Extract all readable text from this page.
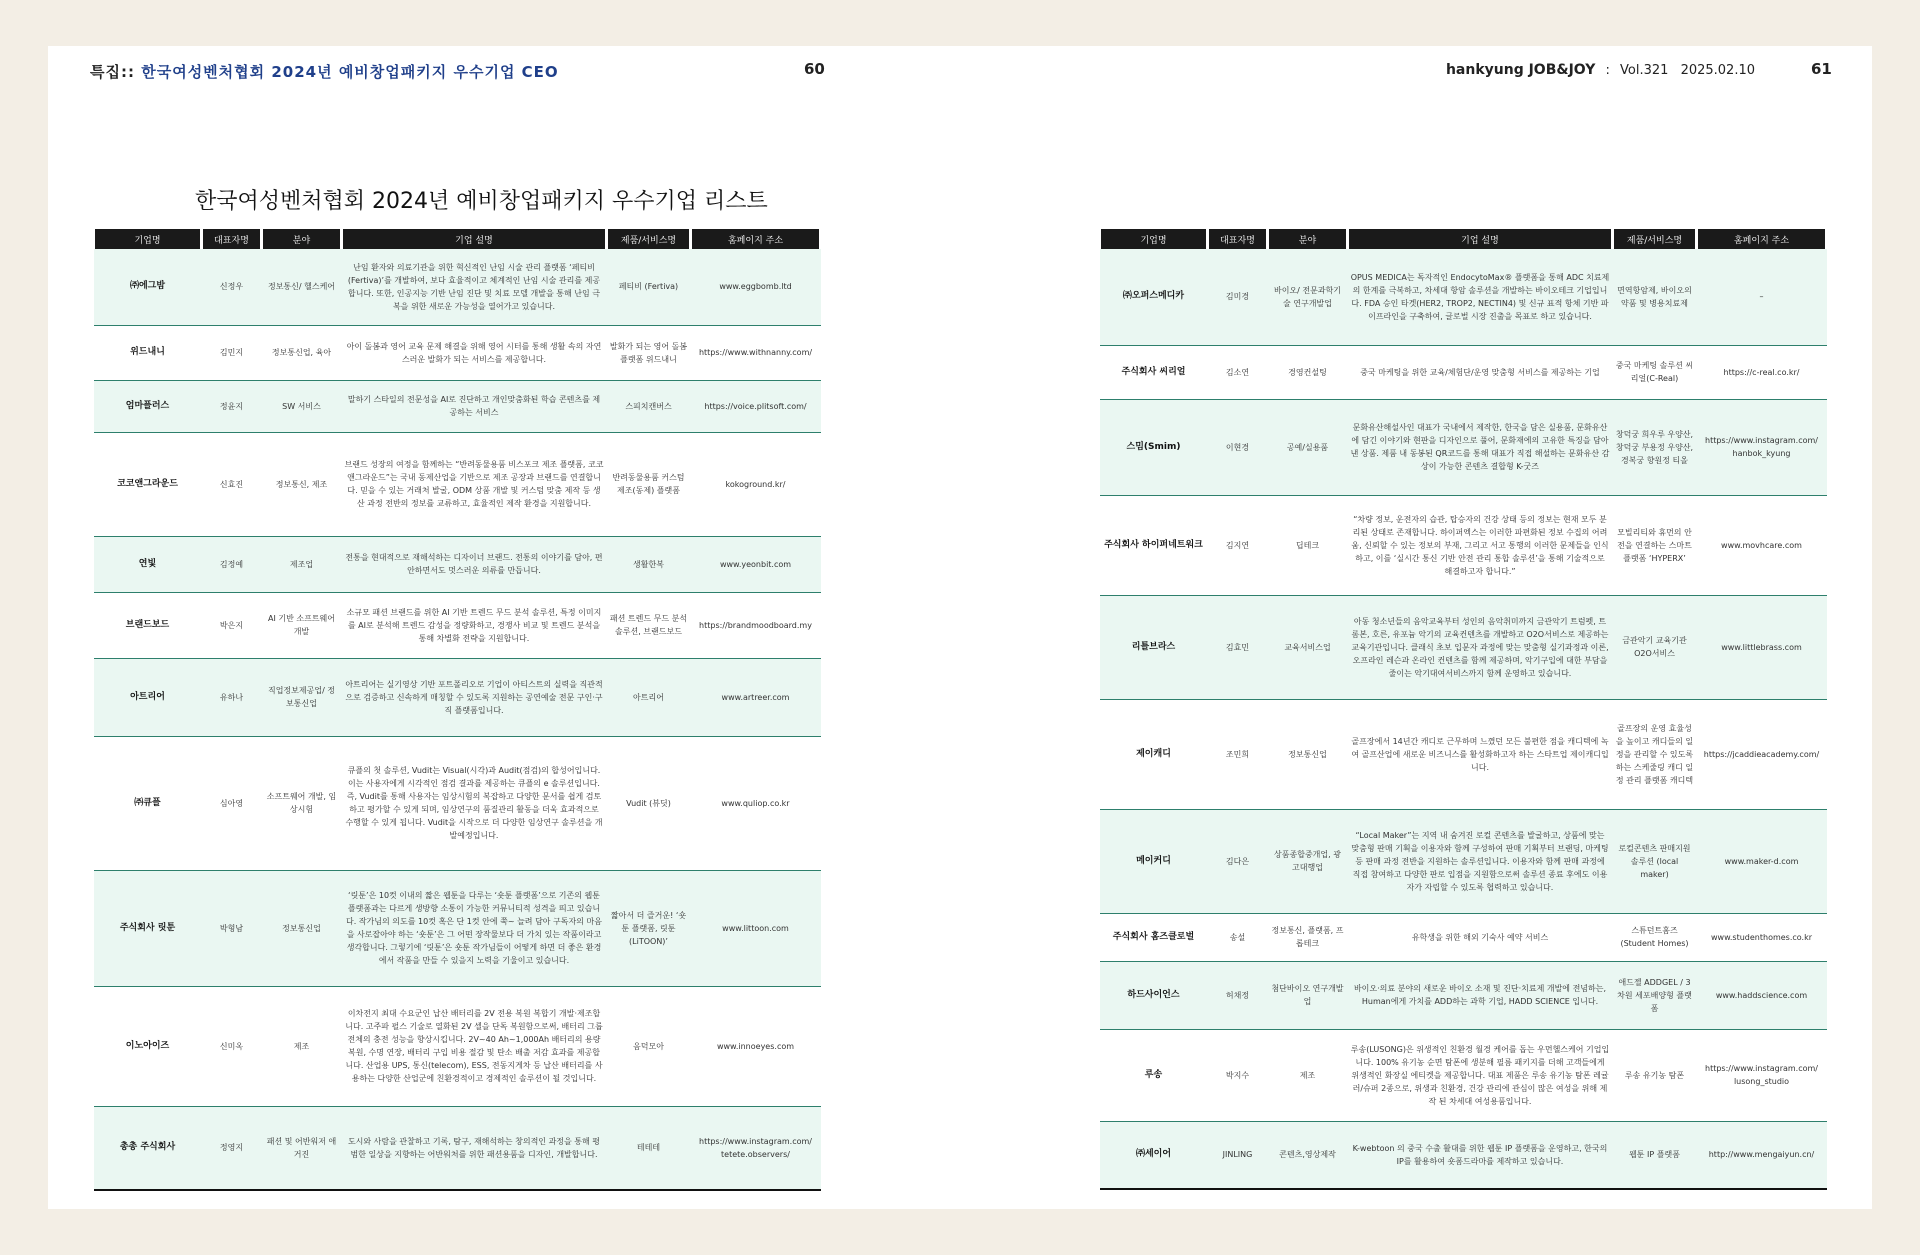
특집:: 한국여성벤처협회 2024년 예비창업패키지 우수기업 CEO	60	hankyung JOB&JOY : Vol.321 2025.02.10	61
한국여성벤처협회 2024년 예비창업패키지 우수기업 리스트
기업명	대표자명	분야	기업 설명	제품/서비스명	홈페이지 주소
㈜에그밤	신정우	정보통신/ 헬스케어	난임 환자와 의료기관을 위한 혁신적인 난임 시술 관리 플랫폼 ‘페티비(Fertiva)’를 개발하여, 보다 효율적이고 체계적인 난임 시술 관리를 제공합니다. 또한, 인공지능 기반 난임 진단 및 치료 모델 개발을 통해 난임 극복을 위한 새로운 가능성을 열어가고 있습니다.	페티비 (Fertiva)	www.eggbomb.ltd
위드내니	김민지	정보통신업, 육아	아이 돌봄과 영어 교육 문제 해결을 위해 영어 시터를 통해 생활 속의 자연스러운 발화가 되는 서비스를 제공합니다.	발화가 되는 영어 돌봄 플랫폼 위드내니	https://www.withnanny.com/
엄마플러스	정윤지	SW 서비스	말하기 스타일의 전문성을 AI로 진단하고 개인맞춤화된 학습 콘텐츠를 제공하는 서비스	스피치캔버스	https://voice.plitsoft.com/
코코앤그라운드	신효진	정보통신, 제조	브랜드 성장의 여정을 함께하는 “반려동물용품 비스포크 제조 플랫폼, 코코앤그라운드”는 국내 동제산업을 기반으로 제조 공장과 브랜드를 연결합니다. 믿을 수 있는 거래처 발굴, ODM 상품 개발 및 커스텀 맞춤 제작 등 생산 과정 전반의 정보를 교류하고, 효율적인 제작 환경을 지원합니다.	반려동물용품 커스텀 제조(동제) 플랫폼	kokoground.kr/
연빛	김정예	제조업	전통을 현대적으로 재해석하는 디자이너 브랜드. 전통의 이야기를 담아, 편안하면서도 멋스러운 의류를 만듭니다.	생활한복	www.yeonbit.com
브랜드보드	박은지	AI 기반 소프트웨어 개발	소규모 패션 브랜드를 위한 AI 기반 트렌드 무드 분석 솔루션, 특정 이미지를 AI로 분석해 트렌드 감성을 정량화하고, 경쟁사 비교 및 트렌드 분석을 통해 차별화 전략을 지원합니다.	패션 트렌드 무드 분석 솔루션, 브랜드보드	https://brandmoodboard.my
아트리어	유하나	직업정보제공업/ 정보통신업	아트리어는 실기영상 기반 포트폴리오로 기업이 아티스트의 실력을 직관적으로 검증하고 신속하게 매칭할 수 있도록 지원하는 공연예술 전문 구인·구직 플랫폼입니다.	아트리어	www.artreer.com
㈜큐플	심아영	소프트웨어 개발, 임상시험	큐플의 첫 솔루션, Vudit는 Visual(시각)과 Audit(점검)의 합성어입니다. 이는 사용자에게 시각적인 점검 결과를 제공하는 큐플의 e 솔루션입니다. 즉, Vudit를 통해 사용자는 임상시험의 복잡하고 다양한 문서를 쉽게 검토하고 평가할 수 있게 되며, 임상연구의 품질관리 활동을 더욱 효과적으로 수행할 수 있게 됩니다. Vudit을 시작으로 더 다양한 임상연구 솔루션을 개발예정입니다.	Vudit (뷰딧)	www.quliop.co.kr
주식회사 릿툰	박형남	정보통신업	‘릿툰’은 10컷 이내의 짧은 웹툰을 다루는 ‘숏툰 플랫폼’으로 기존의 웹툰 플랫폼과는 다르게 생방향 소통이 가능한 커뮤니티적 성격을 띄고 있습니다. 작가님의 의도를 10컷 혹은 단 1컷 안에 쭉~ 늘려 담아 구독자의 마음을 사로잡아야 하는 ‘숏툰’은 그 어떤 장작물보다 더 가치 있는 작품이라고 생각합니다. 그렇기에 ‘릿툰’은 숏툰 작가님들이 어떻게 하면 더 좋은 환경에서 작품을 만들 수 있을지 노력을 기울이고 있습니다.	짧아서 더 즐거운! ‘숏툰 플랫폼, 릿툰(LiTOON)’	www.littoon.com
이노아이즈	신미옥	제조	이차전지 최대 수요군인 납산 배터리를 2V 전용 복원 복합기 개발·제조합니다. 고주파 펄스 기술로 열화된 2V 셀을 단독 복원함으로써, 배터리 그룹 전체의 충전 성능을 향상시킵니다. 2V~40 Ah~1,000Ah 배터리의 용량 복원, 수명 연장, 배터리 구입 비용 절감 및 탄소 배출 저감 효과를 제공합니다. 산업용 UPS, 통신(telecom), ESS, 전동지게차 등 납산 배터리를 사용하는 다양한 산업군에 친환경적이고 경제적인 솔루션이 될 것입니다.	음덕모아	www.innoeyes.com
총총 주식회사	정영지	패션 및 어반워저 애거진	도시와 사람을 관찰하고 기록, 탐구, 재해석하는 창의적인 과정을 통해 평범한 일상을 지향하는 어반워처를 위한 패션용품을 디자인, 개발합니다.	테테테	https://www.instagram.com/ tetete.observers/
기업명	대표자명	분야	기업 설명	제품/서비스명	홈페이지 주소
㈜오퍼스메디카	김미경	바이오/ 전문과학기술 연구개발업	OPUS MEDICA는 독자적인 EndocytoMax® 플랫폼을 통해 ADC 치료제의 한계를 극복하고, 차세대 항암 솔루션을 개발하는 바이오테크 기업입니다. FDA 승인 타겟(HER2, TROP2, NECTIN4) 및 신규 표적 항체 기반 파이프라인을 구축하여, 글로벌 시장 진출을 목표로 하고 있습니다.	면역항암제, 바이오의약품 및 병용치료제	–
주식회사 씨리얼	김소연	경영컨설팅	중국 마케팅을 위한 교육/체험단/운영 맞춤형 서비스를 제공하는 기업	중국 마케팅 솔루션 씨리얼(C-Real)	https://c-real.co.kr/
스밈(Smim)	이현경	공예/실용품	문화유산해설사인 대표가 국내에서 제작한, 한국을 담은 실용품, 문화유산에 담긴 이야기와 현판을 디자인으로 풀어, 문화재에의 고유한 특징을 담아낸 상품. 제품 내 동봉된 QR코드를 통해 대표가 직접 해설하는 문화유산 감상이 가능한 콘텐츠 결합형 K-굿즈	창덕궁 희우루 우양산, 창덕궁 부용정 우양산, 경복궁 향원정 티올	https://www.instagram.com/ hanbok_kyung
주식회사 하이퍼네트워크	김지연	딥테크	“차량 정보, 운전자의 습관, 탑승자의 건강 상태 등의 정보는 현재 모두 분리된 상태로 존재합니다. 하이퍼엑스는 이러한 파편화된 정보 수집의 어려움, 신뢰할 수 있는 정보의 부재, 그리고 서고 통행의 이러한 문제들을 인식하고, 이를 ‘실시간 통신 기반 안전 관리 통합 솔루션’을 통해 기술적으로 해결하고자 합니다.”	모빌리티와 휴먼의 안전을 연결하는 스마트 플랫폼 ‘HYPERX’	www.movhcare.com
리틀브라스	김효민	교육서비스업	아동 청소년들의 음악교육부터 성인의 음악취미까지 금관악기 트럼펫, 트롬본, 호른, 유포늄 악기의 교육컨텐츠를 개발하고 O2O서비스로 제공하는 교육기관입니다. 클래식 초보 입문자 과정에 맞는 맞춤형 실기과정과 이론, 오프라인 레슨과 온라인 컨텐츠를 함께 제공하며, 악기구입에 대한 부담을 줄이는 악기대여서비스까지 함께 운영하고 있습니다.	금관악기 교육기관 O2O서비스	www.littlebrass.com
제이캐디	조민희	정보통신업	골프장에서 14년간 캐디로 근무하며 느꼈던 모든 불편한 점을 캐디텍에 녹여 골프산업에 새로운 비즈니스를 활성화하고자 하는 스타트업 제이캐디입니다.	골프장의 운영 효율성을 높이고 캐디들의 일정을 관리할 수 있도록 하는 스케줄링 캐디 일정 관리 플랫폼 캐디텍	https://jcaddieacademy.com/
메이커디	김다은	상품종합중개업, 광고대행업	“Local Maker”는 지역 내 숨겨진 로컬 콘텐츠를 발굴하고, 상품에 맞는 맞춤형 판매 기획을 이용자와 함께 구성하여 판매 기획부터 브랜딩, 마케팅 등 판매 과정 전반을 지원하는 솔루션입니다. 이용자와 함께 판매 과정에 직접 참여하고 다양한 판로 입점을 지원함으로써 솔루션 종료 후에도 이용자가 자립할 수 있도록 협력하고 있습니다.	로컬콘텐츠 판매지원 솔루션 (local maker)	www.maker-d.com
주식회사 홈즈클로벌	송설	정보통신, 플랫폼, 프롭테크	유학생을 위한 해외 기숙사 예약 서비스	스튜던트홈즈 (Student Homes)	www.studenthomes.co.kr
하드사이언스	허채정	첨단바이오 연구개발업	바이오·의료 분야의 새로운 바이오 소재 및 진단·치료제 개발에 전념하는, Human에게 가치를 ADD하는 과학 기업, HADD SCIENCE 입니다.	애드젤 ADDGEL / 3차원 세포배양형 플랫폼	www.haddscience.com
루송	박지수	제조	루송(LUSONG)은 위생적인 친환경 월경 케어를 돕는 우먼헬스케어 기업입니다. 100% 유기농 순면 탐폰에 생분해 필름 패키지를 더해 고객들에게 위생적인 화장실 에티켓을 제공합니다. 대표 제품은 루송 유기농 탐폰 레귤러/슈퍼 2종으로, 위생과 친환경, 건강 관리에 관심이 많은 여성을 위해 제작 된 차세대 여성용품입니다.	루송 유기농 탐폰	https://www.instagram.com/ lusong_studio
㈜세이어	JINLING	콘텐츠,영상제작	K-webtoon 의 중국 수출 활대를 위한 웹툰 IP 플랫폼을 운영하고, 한국의 IP를 활용하여 숏폼드라마를 제작하고 있습니다.	웹툰 IP 플랫폼	http://www.mengaiyun.cn/
